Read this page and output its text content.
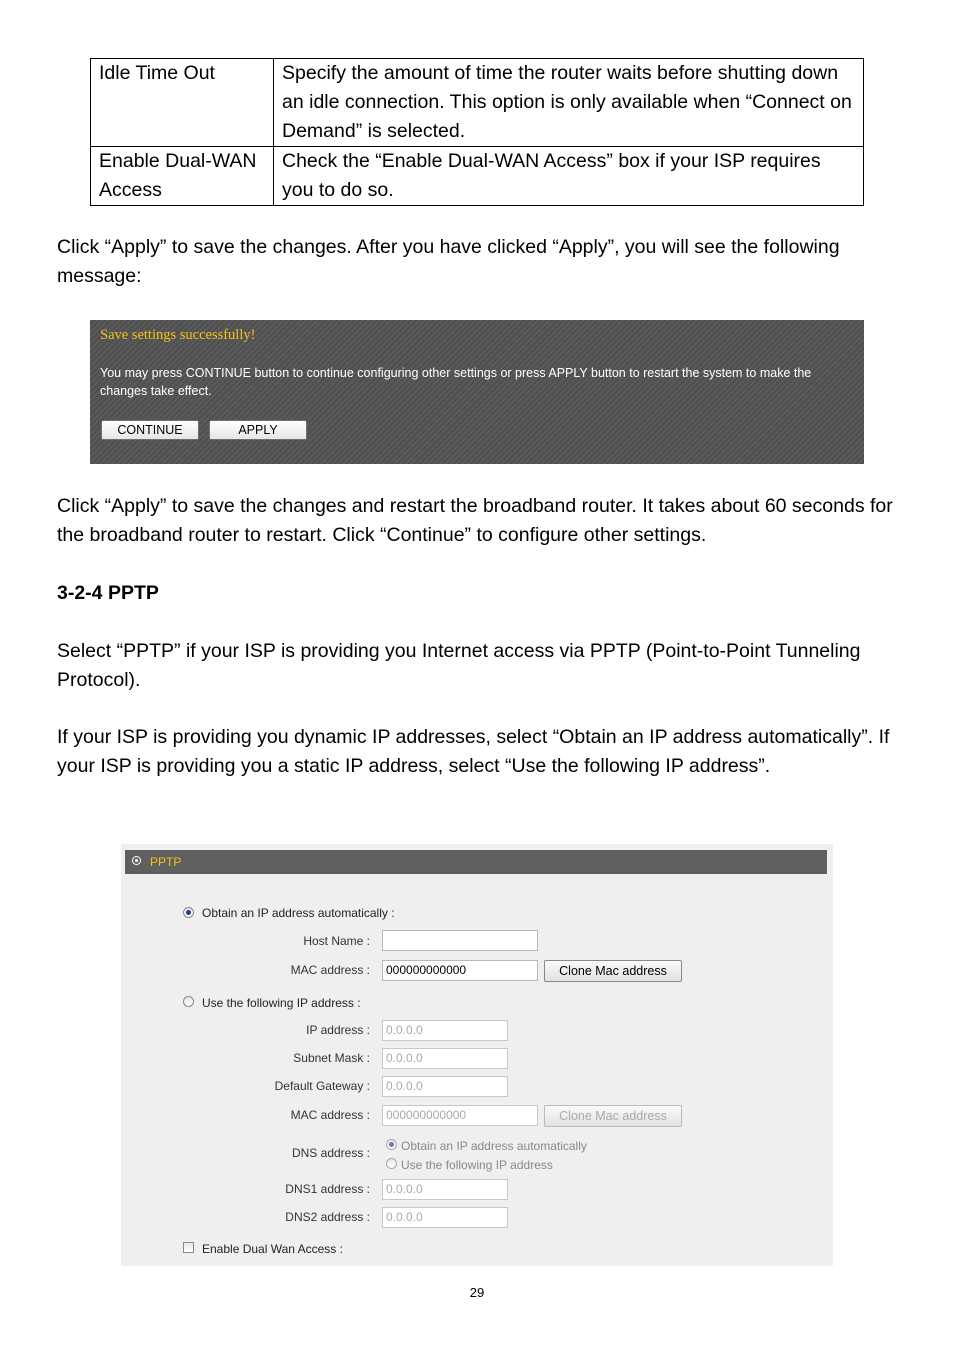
Idle Time Out	Specify the amount of time the router waits before shutting down an idle connection. This option is only available when “Connect on Demand” is selected.
Enable Dual-WAN Access	Check the “Enable Dual-WAN Access” box if your ISP requires you to do so.
Click “Apply” to save the changes. After you have clicked “Apply”, you will see the following message:
Save settings successfully!
You may press CONTINUE button to continue configuring other settings or press APPLY button to restart the system to make the changes take effect.
CONTINUE	APPLY
Click “Apply” to save the changes and restart the broadband router. It takes about 60 seconds for the broadband router to restart. Click “Continue” to configure other settings.
3-2-4 PPTP
Select “PPTP” if your ISP is providing you Internet access via PPTP (Point-to-Point Tunneling Protocol).
If your ISP is providing you dynamic IP addresses, select “Obtain an IP address automatically”. If your ISP is providing you a static IP address, select “Use the following IP address”.
PPTP
Obtain an IP address automatically :
Host Name :
MAC address :	000000000000	Clone Mac address
Use the following IP address :
IP address :	0.0.0.0
Subnet Mask :	0.0.0.0
Default Gateway :	0.0.0.0
MAC address :	000000000000	Clone Mac address
DNS address :	Obtain an IP address automatically
Use the following IP address
DNS1 address :	0.0.0.0
DNS2 address :	0.0.0.0
Enable Dual Wan Access :
29
